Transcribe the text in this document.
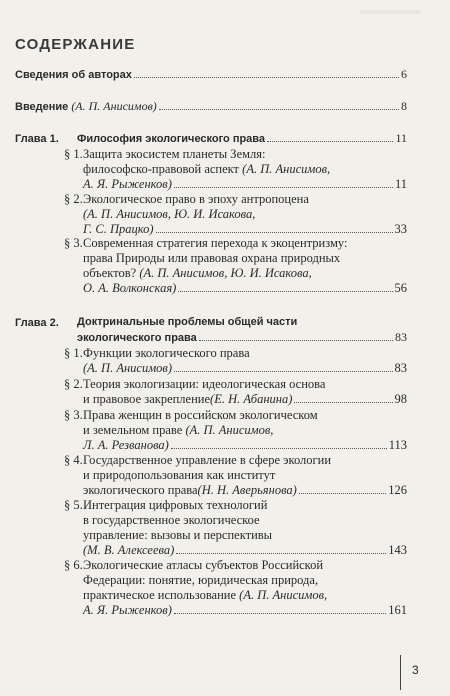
СОДЕРЖАНИЕ
Сведения об авторах	6
Введение
(А. П. Анисимов)	8
Глава 1. Философия экологического права	11
§ 1. Защита экосистем планеты Земля:
философско-правовой аспект (А. П. Анисимов,
А. Я. Рыженков)	11
§ 2. Экологическое право в эпоху антропоцена
(А. П. Анисимов, Ю. И. Исакова,
Г. С. Працко)	33
§ 3. Современная стратегия перехода к экоцентризму:
права Природы или правовая охрана природных
объектов? (А. П. Анисимов, Ю. И. Исакова,
О. А. Волконская)	56
Глава 2. Доктринальные проблемы общей части
экологического права	83
§ 1. Функции экологического права
(А. П. Анисимов)	83
§ 2. Теория экологизации: идеологическая основа
и правовое закрепление (Е. Н. Абанина)	98
§ 3. Права женщин в российском экологическом
и земельном праве (А. П. Анисимов,
Л. А. Резванова)	113
§ 4. Государственное управление в сфере экологии
и природопользования как институт
экологического права (Н. Н. Аверьянова)	126
§ 5. Интеграция цифровых технологий
в государственное экологическое
управление: вызовы и перспективы
(М. В. Алексеева)	143
§ 6. Экологические атласы субъектов Российской
Федерации: понятие, юридическая природа,
практическое использование (А. П. Анисимов,
А. Я. Рыженков)	161
3
